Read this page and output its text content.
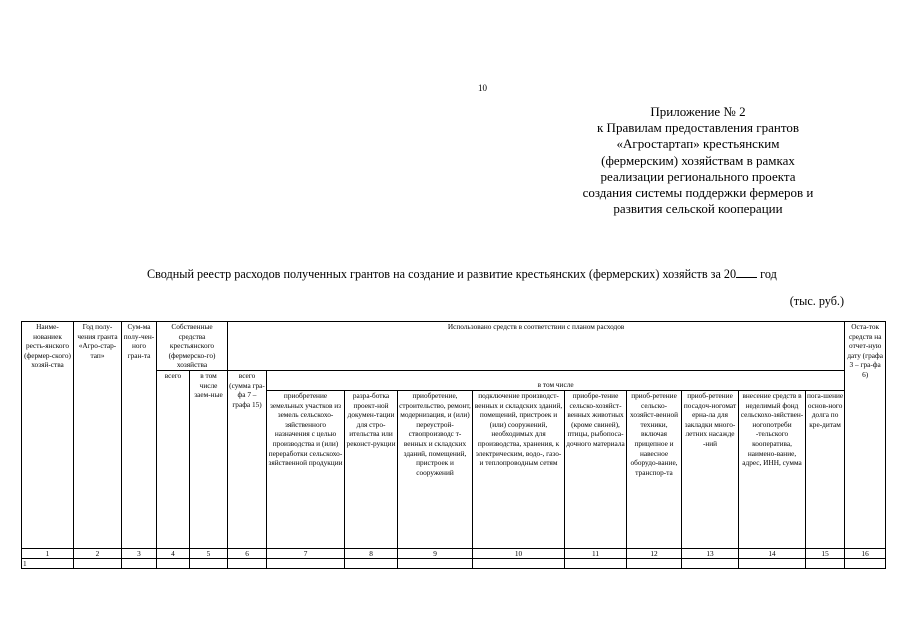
10
Приложение № 2
к Правилам предоставления грантов
«Агростартап» крестьянским
(фермерским) хозяйствам в рамках
реализации регионального проекта
создания системы поддержки фермеров и
развития сельской кооперации
Сводный реестр расходов полученных грантов на создание и развитие крестьянских (фермерских) хозяйств за 20 год
(тыс. руб.)
Наиме-нованиек ресть-янского (фермер-ского) хозяй-ства	Год полу-чения гранта «Агро-стар-тап»	Сум-ма полу-чен-ного гран-та	Собственные средства крестьянского (фермерско-го) хозяйства		Использовано средств в соответствии с планом расходов										Оста-ток средств на отчет-ную дату (графа 3 – гра-фа 6)
			всего	в том числе заем-ные	всего (сумма гра-фа 7 – графа 15)	в том числе									
						приобретение земельных участков из земель сельскохо-зяйственного назначения с целью производства и (или) переработки сельскохо-зяйственной продукции	разра-ботка проект-ной докумен-тации для стро-ительства или реконст-рукции	приобретение, строительство, ремонт, модернизация, и (или) переустрой-ствопроизводс т-венных и складских зданий, помещений, пристроек и сооружений	подключение производст-венных и складских зданий, помещений, пристроек и (или) сооружений, необходимых для производства, хранения, к электрическим, водо-, газо- и теплопроводным сетям	приобре-тение сельско-хозяйст-венных животных (кроме свиней), птицы, рыбопоса-дочного материала	приоб-ретение сельско-хозяйст-венной техники, включая прицепное и навесное оборудо-вание, транспор-та	приоб-ретение посадоч-ногомат ерна-ла для закладки много-летних насажде -ний	внесение средств в неделимый фонд сельскохо-зяйствен-ногопотреби -тельского кооператива, наимено-вание, адрес, ИНН, сумма	пога-шение основ-ного долга по кре-дитам	
1	2	3	4	5	6	7	8	9	10	11	12	13	14	15	16
1															
